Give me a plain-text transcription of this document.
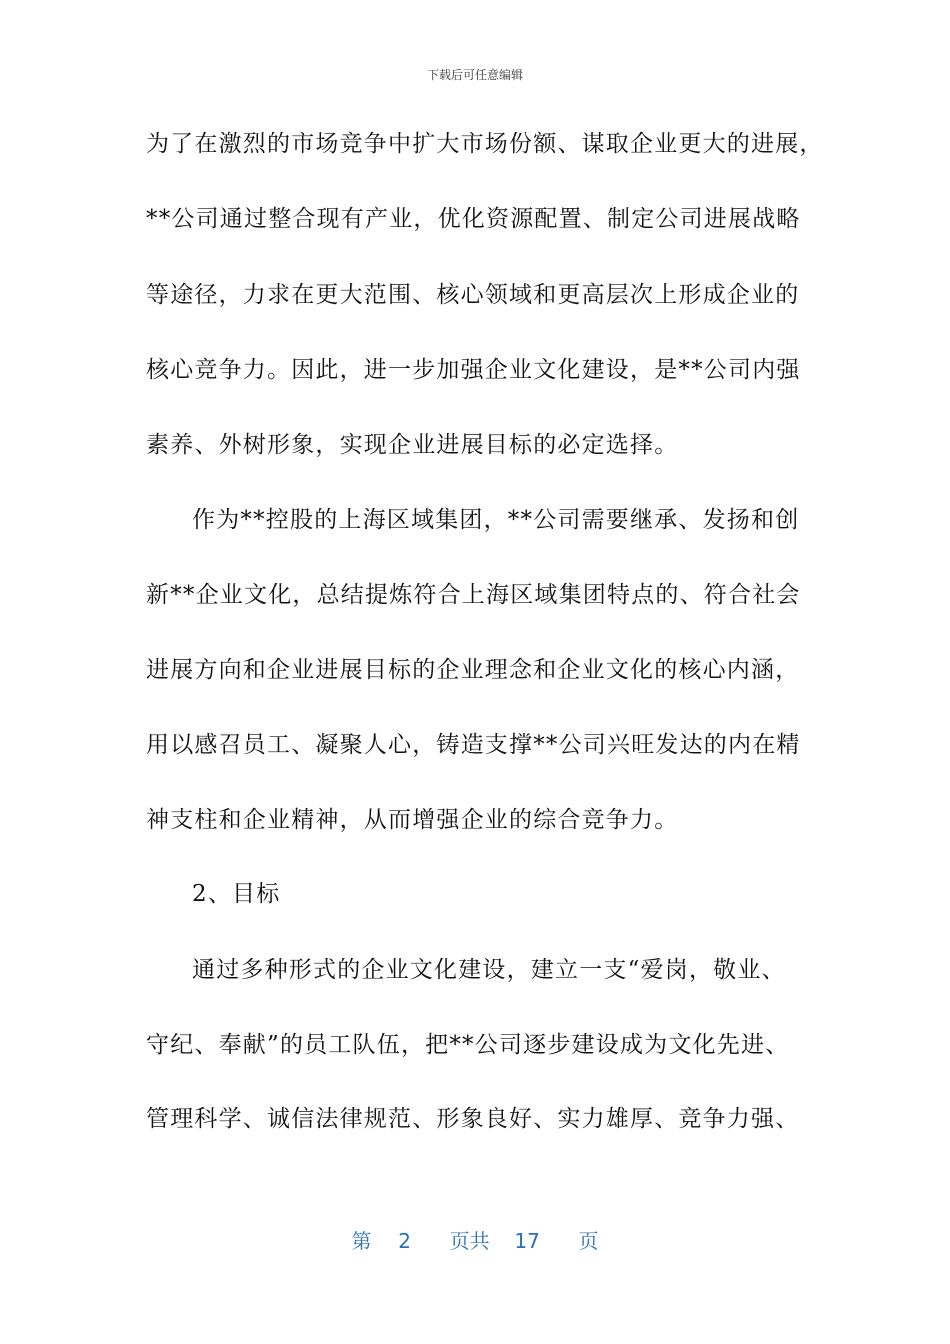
下载后可任意编辑
为了在激烈的市场竞争中扩大市场份额、谋取企业更大的进展，
**公司通过整合现有产业，优化资源配置、制定公司进展战略
等途径，力求在更大范围、核心领域和更高层次上形成企业的
核心竞争力。因此，进一步加强企业文化建设，是**公司内强
素养、外树形象，实现企业进展目标的必定选择。
作为**控股的上海区域集团，**公司需要继承、发扬和创
新**企业文化，总结提炼符合上海区域集团特点的、符合社会
进展方向和企业进展目标的企业理念和企业文化的核心内涵，
用以感召员工、凝聚人心，铸造支撑**公司兴旺发达的内在精
神支柱和企业精神，从而增强企业的综合竞争力。
2、目标
通过多种形式的企业文化建设，建立一支“爱岗，敬业、
守纪、奉献”的员工队伍，把**公司逐步建设成为文化先进、
管理科学、诚信法律规范、形象良好、实力雄厚、竞争力强、
第 2 页共 17 页
